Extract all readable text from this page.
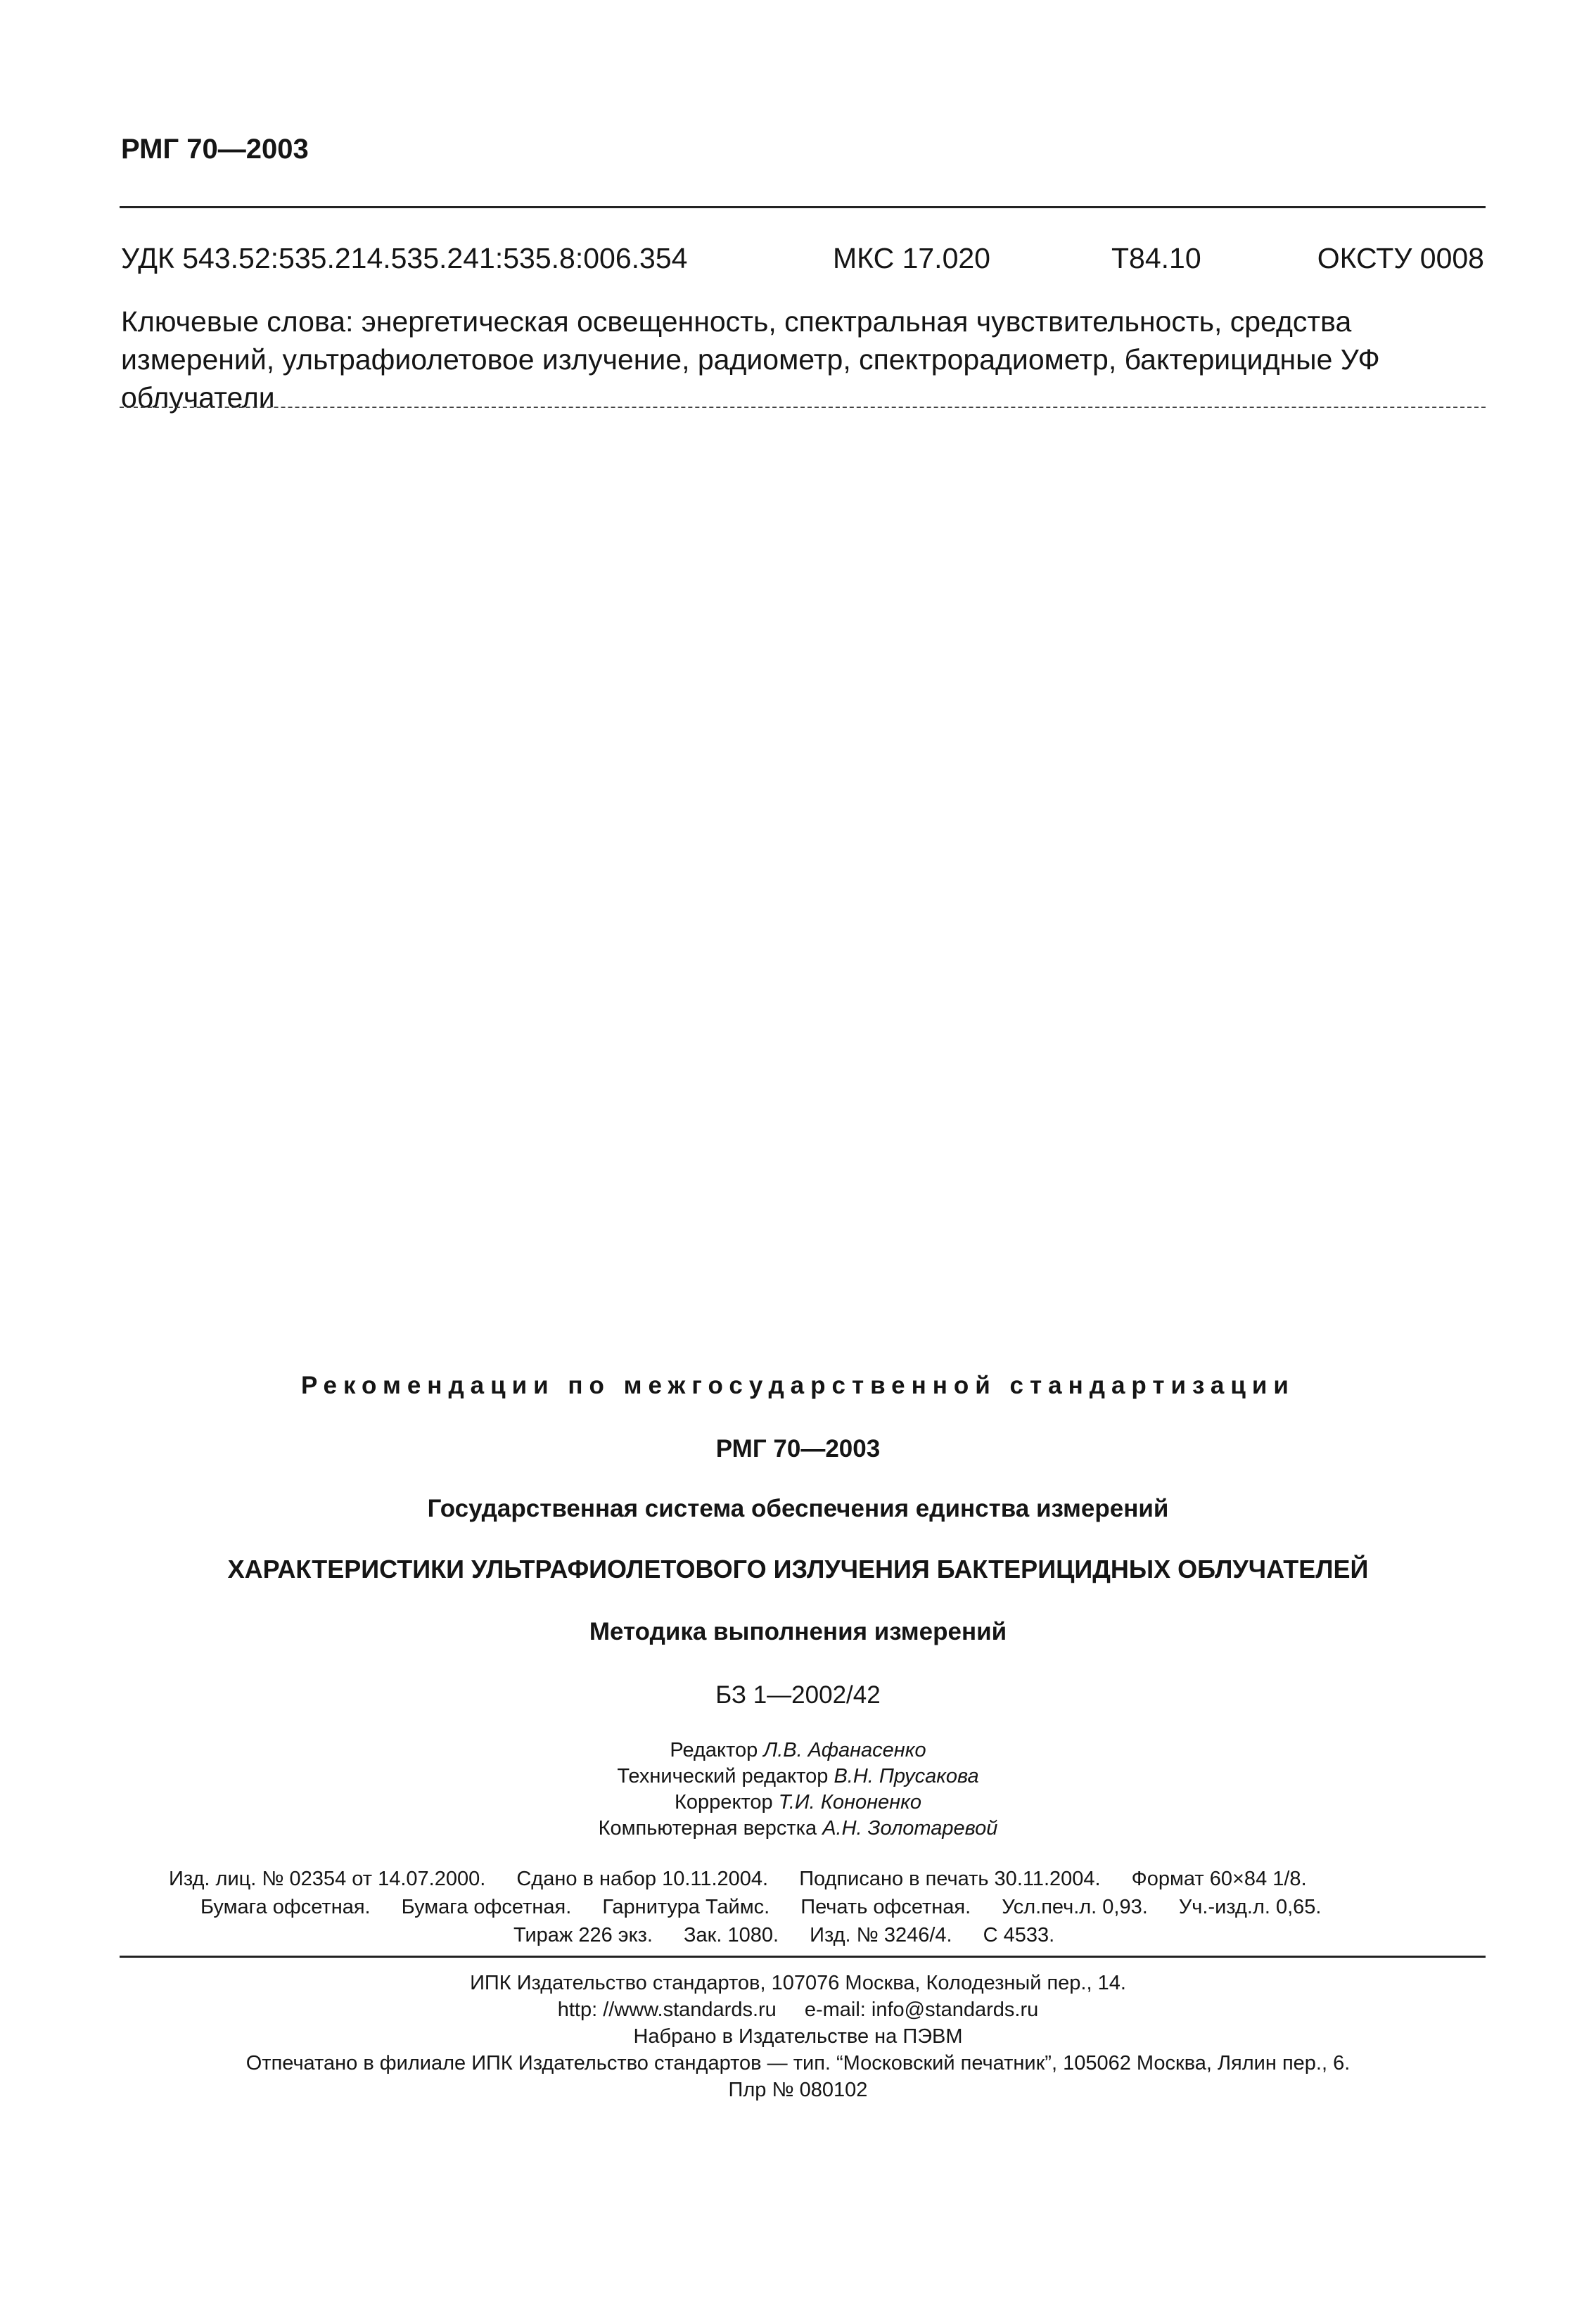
РМГ 70—2003
УДК 543.52:535.214.535.241:535.8:006.354	МКС 17.020	Т84.10	ОКСТУ 0008
Ключевые слова: энергетическая освещенность, спектральная чувствительность, средства измерений, ультрафиолетовое излучение, радиометр, спектрорадиометр, бактерицидные УФ облучатели
Рекомендации по межгосударственной стандартизации
РМГ 70—2003
Государственная система обеспечения единства измерений
ХАРАКТЕРИСТИКИ УЛЬТРАФИОЛЕТОВОГО ИЗЛУЧЕНИЯ БАКТЕРИЦИДНЫХ ОБЛУЧАТЕЛЕЙ
Методика выполнения измерений
БЗ 1—2002/42
Редактор Л.В. Афанасенко
Технический редактор В.Н. Прусакова
Корректор Т.И. Кононенко
Компьютерная верстка А.Н. Золотаревой
Изд. лиц. № 02354 от 14.07.2000. Сдано в набор 10.11.2004. Подписано в печать 30.11.2004. Формат 60×84 1/8.
Бумага офсетная. Бумага офсетная. Гарнитура Таймс. Печать офсетная. Усл.печ.л. 0,93. Уч.-изд.л. 0,65.
Тираж 226 экз. Зак. 1080. Изд. № 3246/4. С 4533.
ИПК Издательство стандартов, 107076 Москва, Колодезный пер., 14.
http: //www.standards.ru e-mail: info@standards.ru
Набрано в Издательстве на ПЭВМ
Отпечатано в филиале ИПК Издательство стандартов — тип. “Московский печатник”, 105062 Москва, Лялин пер., 6.
Плр № 080102
